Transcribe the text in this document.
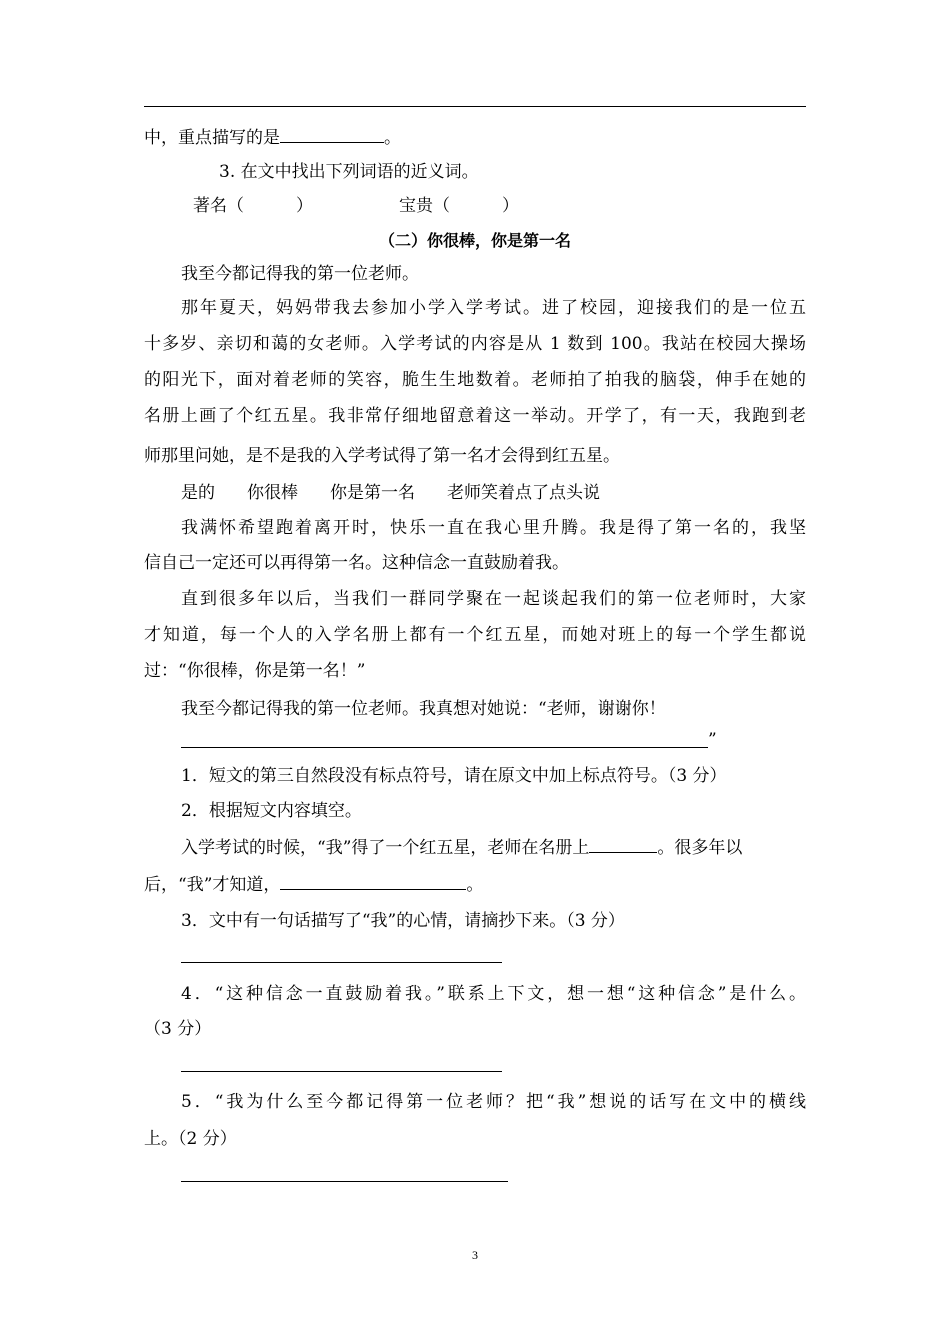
中，重点描写的是	。
3. 在文中找出下列词语的近义词。
著名（	）	宝贵（	）
（二）你很棒，你是第一名
我至今都记得我的第一位老师。
那年夏天，妈妈带我去参加小学入学考试。进了校园，迎接我们的是一位五
十多岁、亲切和蔼的女老师。入学考试的内容是从 1 数到 100。我站在校园大操场
的阳光下，面对着老师的笑容，脆生生地数着。老师拍了拍我的脑袋，伸手在她的
名册上画了个红五星。我非常仔细地留意着这一举动。开学了，有一天，我跑到老
师那里问她，是不是我的入学考试得了第一名才会得到红五星。
是的 你很棒 你是第一名 老师笑着点了点头说
我满怀希望跑着离开时，快乐一直在我心里升腾。我是得了第一名的，我坚
信自己一定还可以再得第一名。这种信念一直鼓励着我。
直到很多年以后，当我们一群同学聚在一起谈起我们的第一位老师时，大家
才知道，每一个人的入学名册上都有一个红五星，而她对班上的每一个学生都说
过：“你很棒，你是第一名！”
我至今都记得我的第一位老师。我真想对她说：“老师，谢谢你！
”
1．短文的第三自然段没有标点符号，请在原文中加上标点符号。（3 分）
2．根据短文内容填空。
入学考试的时候，“我”得了一个红五星，老师在名册上	。很多年以
后，“我”才知道，	。
3．文中有一句话描写了“我”的心情，请摘抄下来。（3 分）
4．“这种信念一直鼓励着我。”联系上下文，想一想“这种信念”是什么。
（3 分）
5．“我为什么至今都记得第一位老师？把“我”想说的话写在文中的横线
上。（2 分）
3
